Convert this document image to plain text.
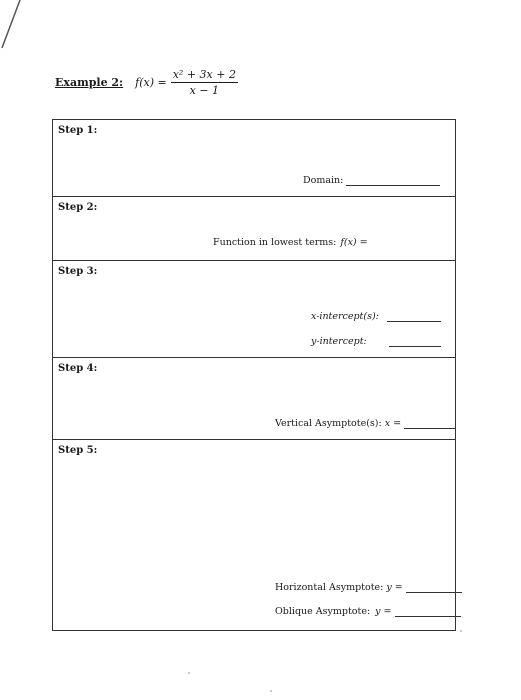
Example 2: $f(x) = \frac{\text{x² + 3x + 2}}{x - 1}$
Step 1:
Domain:
Step 2:
Function in lowest terms: f(x) =
Step 3:
x-intercept(s):
y-intercept:
Step 4:
Vertical Asymptote(s): x =
Step 5:
Horizontal Asymptote: y =
Oblique Asymptote: y =
